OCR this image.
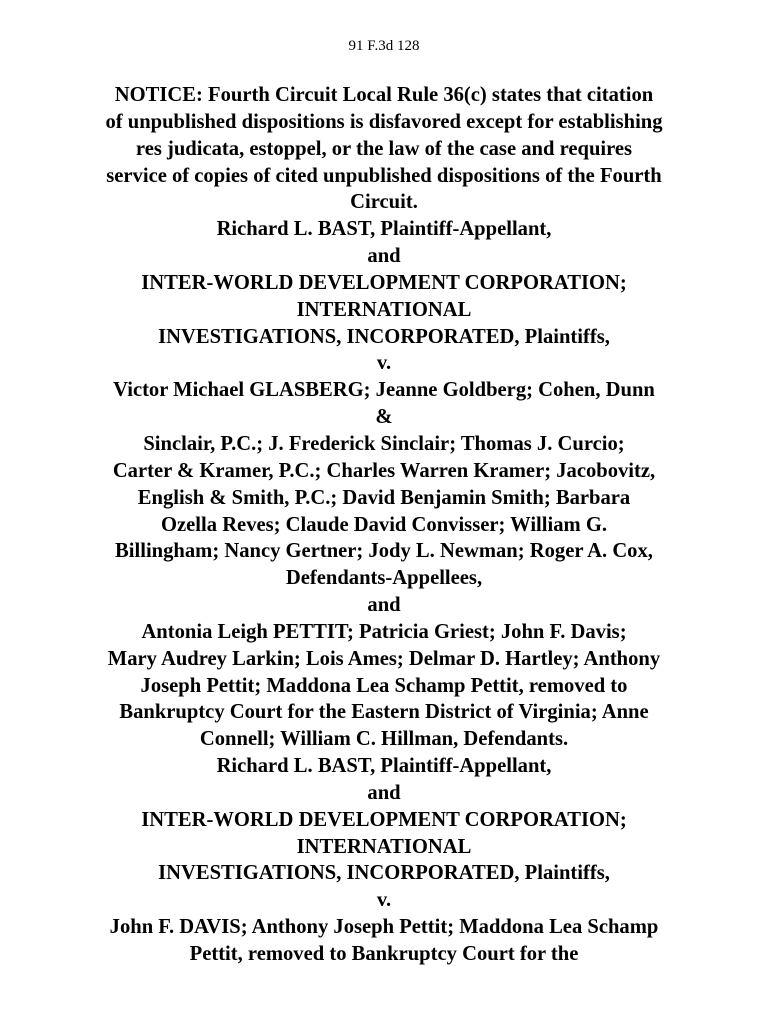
91 F.3d 128
NOTICE: Fourth Circuit Local Rule 36(c) states that citation
of unpublished dispositions is disfavored except for establishing
res judicata, estoppel, or the law of the case and requires
service of copies of cited unpublished dispositions of the Fourth
Circuit.
Richard L. BAST, Plaintiff-Appellant,
and
INTER-WORLD DEVELOPMENT CORPORATION;
INTERNATIONAL
INVESTIGATIONS, INCORPORATED, Plaintiffs,
v.
Victor Michael GLASBERG; Jeanne Goldberg; Cohen, Dunn
&
Sinclair, P.C.; J. Frederick Sinclair; Thomas J. Curcio;
Carter & Kramer, P.C.; Charles Warren Kramer; Jacobovitz,
English & Smith, P.C.; David Benjamin Smith; Barbara
Ozella Reves; Claude David Convisser; William G.
Billingham; Nancy Gertner; Jody L. Newman; Roger A. Cox,
Defendants-Appellees,
and
Antonia Leigh PETTIT; Patricia Griest; John F. Davis;
Mary Audrey Larkin; Lois Ames; Delmar D. Hartley; Anthony
Joseph Pettit; Maddona Lea Schamp Pettit, removed to
Bankruptcy Court for the Eastern District of Virginia; Anne
Connell; William C. Hillman, Defendants.
Richard L. BAST, Plaintiff-Appellant,
and
INTER-WORLD DEVELOPMENT CORPORATION;
INTERNATIONAL
INVESTIGATIONS, INCORPORATED, Plaintiffs,
v.
John F. DAVIS; Anthony Joseph Pettit; Maddona Lea Schamp
Pettit, removed to Bankruptcy Court for the
